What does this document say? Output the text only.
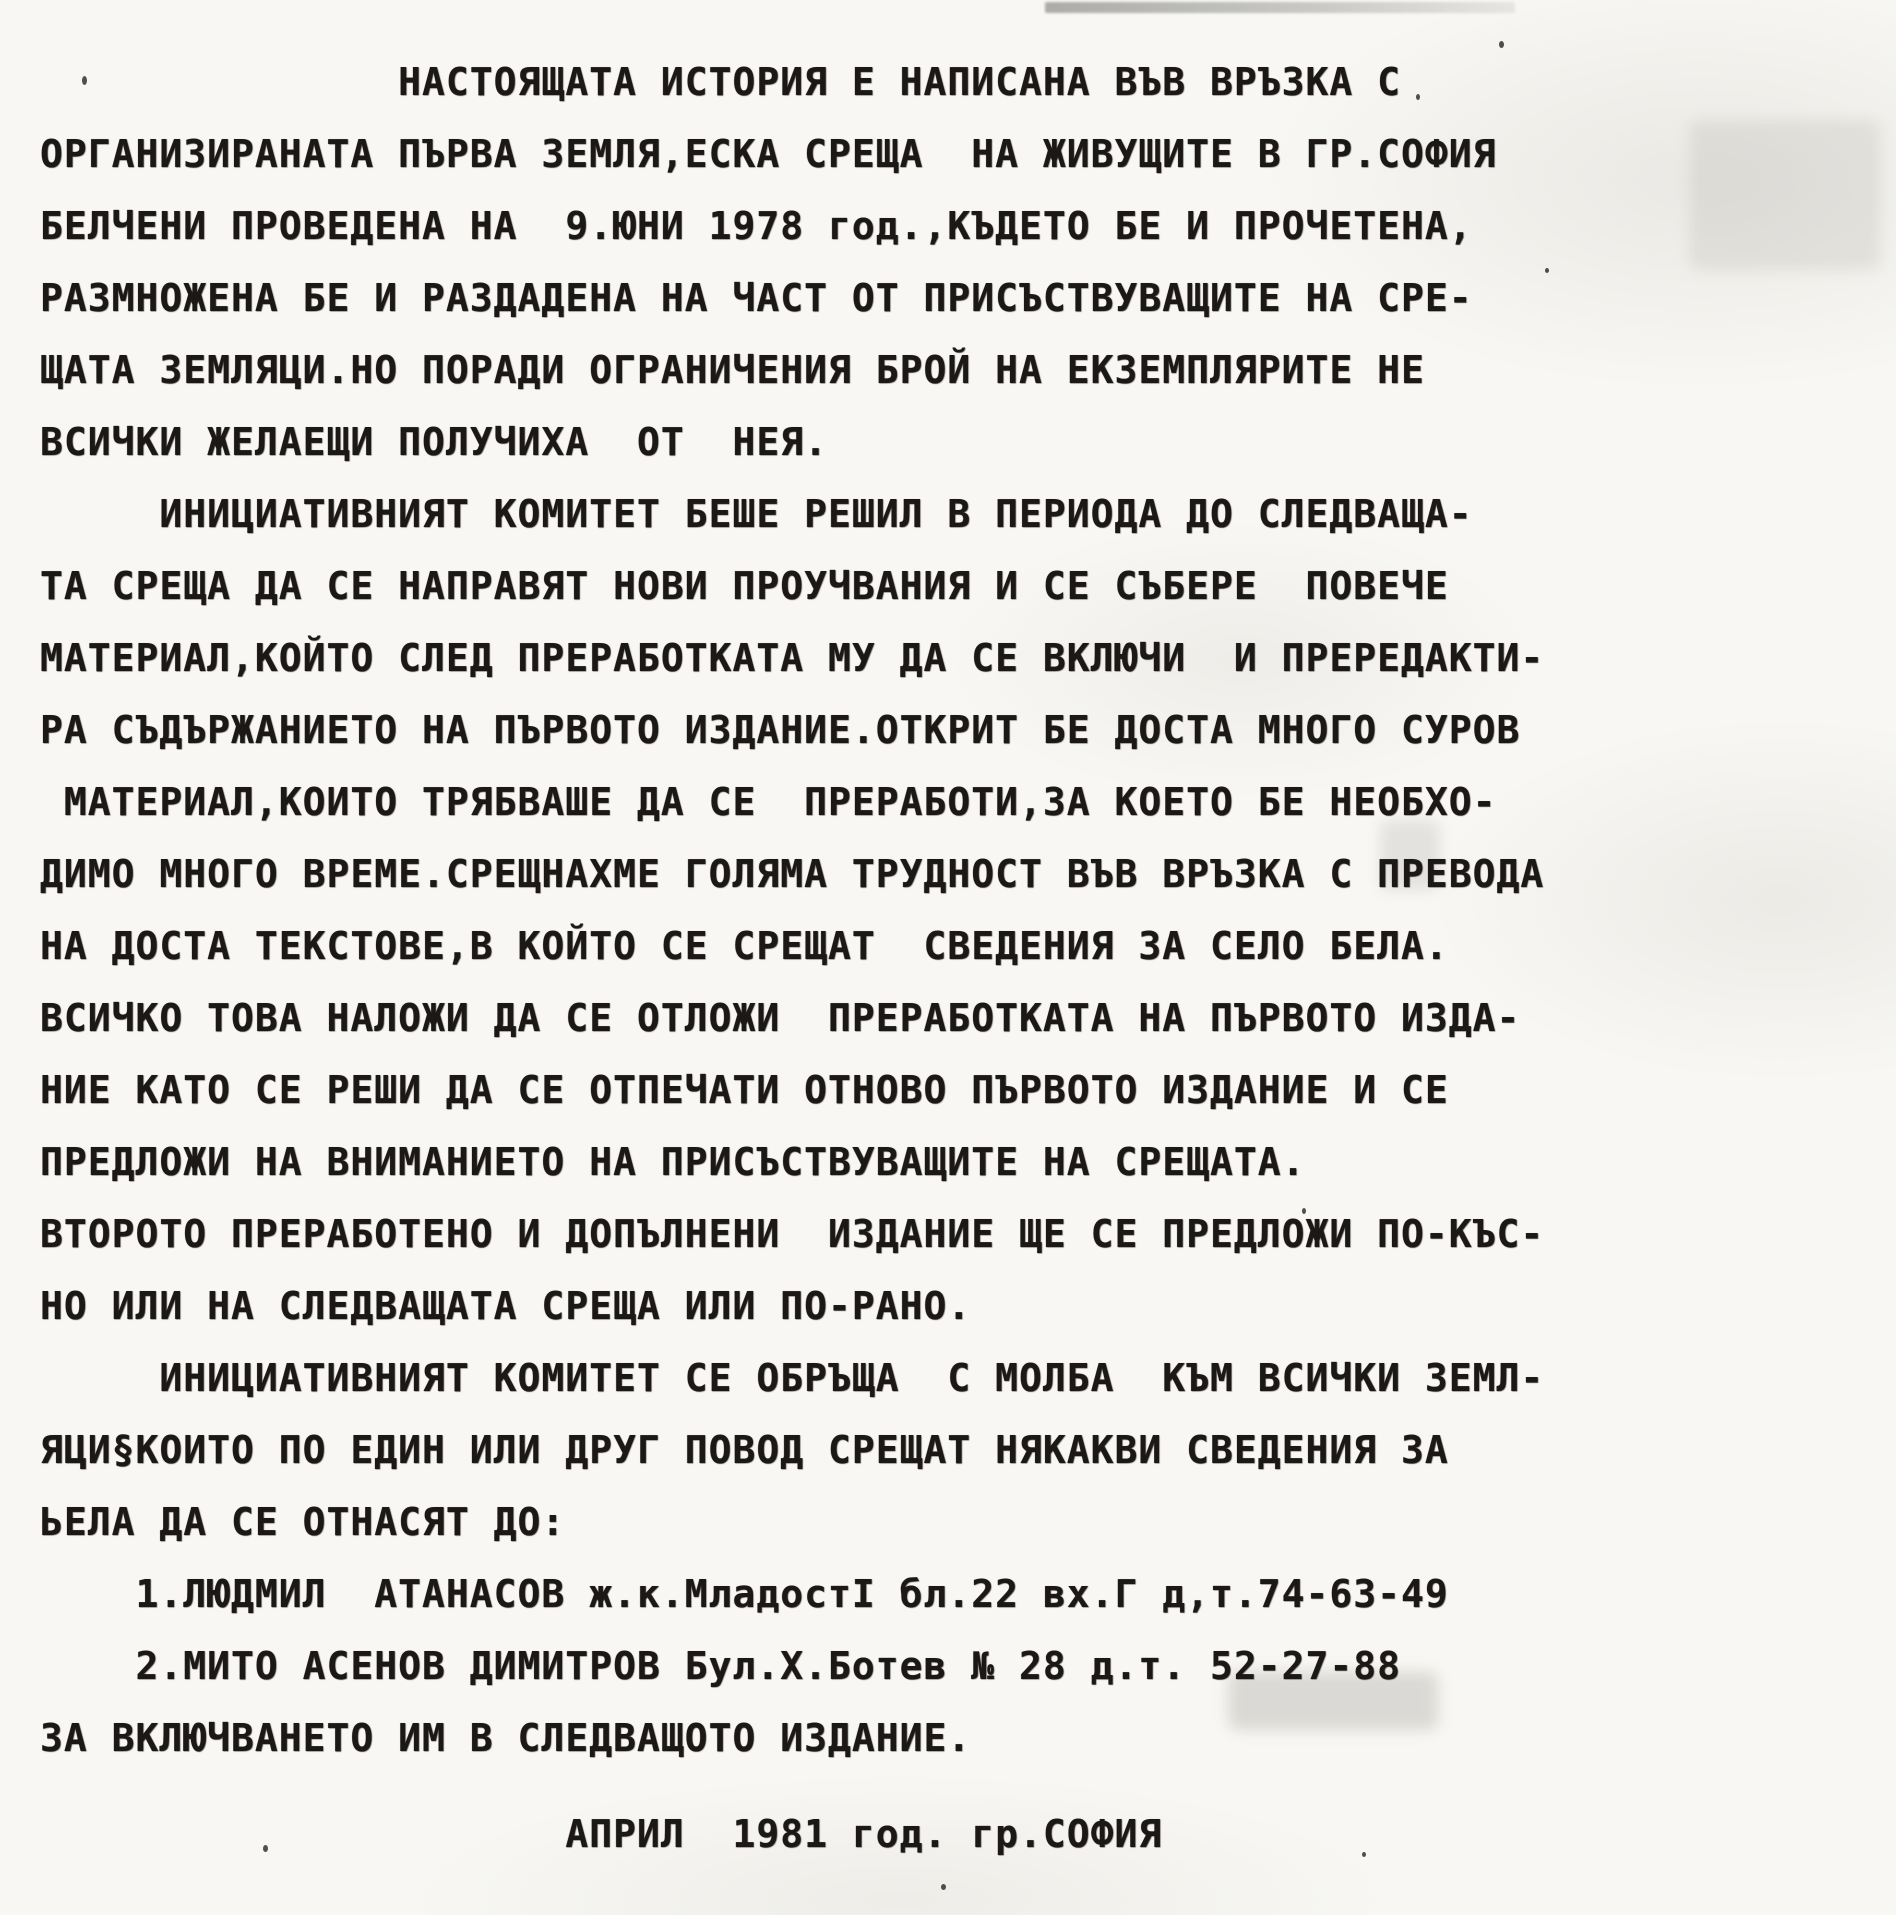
НАСТОЯЩАТА ИСТОРИЯ Е НАПИСАНА ВЪВ ВРЪЗКА С
ОРГАНИЗИРАНАТА ПЪРВА ЗЕМЛЯ,ЕСКА СРЕЩА  НА ЖИВУЩИТЕ В ГР.СОФИЯ
БЕЛЧЕНИ ПРОВЕДЕНА НА  9.ЮНИ 1978 год.,КЪДЕТО БЕ И ПРОЧЕТЕНА,
РАЗМНОЖЕНА БЕ И РАЗДАДЕНА НА ЧАСТ ОТ ПРИСЪСТВУВАЩИТЕ НА СРЕ-
ЩАТА ЗЕМЛЯЦИ.НО ПОРАДИ ОГРАНИЧЕНИЯ БРОЙ НА ЕКЗЕМПЛЯРИТЕ НЕ
ВСИЧКИ ЖЕЛАЕЩИ ПОЛУЧИХА  ОТ  НЕЯ.
ИНИЦИАТИВНИЯТ КОМИТЕТ БЕШЕ РЕШИЛ В ПЕРИОДА ДО СЛЕДВАЩА-
ТА СРЕЩА ДА СЕ НАПРАВЯТ НОВИ ПРОУЧВАНИЯ И СЕ СЪБЕРЕ  ПОВЕЧЕ
МАТЕРИАЛ,КОЙТО СЛЕД ПРЕРАБОТКАТА МУ ДА СЕ ВКЛЮЧИ  И ПРЕРЕДАКТИ-
РА СЪДЪРЖАНИЕТО НА ПЪРВОТО ИЗДАНИЕ.ОТКРИТ БЕ ДОСТА МНОГО СУРОВ
МАТЕРИАЛ,КОИТО ТРЯБВАШЕ ДА СЕ  ПРЕРАБОТИ,ЗА КОЕТО БЕ НЕОБХО-
ДИМО МНОГО ВРЕМЕ.СРЕЩНАХМЕ ГОЛЯМА ТРУДНОСТ ВЪВ ВРЪЗКА С ПРЕВОДА
НА ДОСТА ТЕКСТОВЕ,В КОЙТО СЕ СРЕЩАТ  СВЕДЕНИЯ ЗА СЕЛО БЕЛА.
ВСИЧКО ТОВА НАЛОЖИ ДА СЕ ОТЛОЖИ  ПРЕРАБОТКАТА НА ПЪРВОТО ИЗДА-
НИЕ КАТО СЕ РЕШИ ДА СЕ ОТПЕЧАТИ ОТНОВО ПЪРВОТО ИЗДАНИЕ И СЕ
ПРЕДЛОЖИ НА ВНИМАНИЕТО НА ПРИСЪСТВУВАЩИТЕ НА СРЕЩАТА.
ВТОРОТО ПРЕРАБОТЕНО И ДОПЪЛНЕНИ  ИЗДАНИЕ ЩЕ СЕ ПРЕДЛОЖИ ПО-КЪС-
НО ИЛИ НА СЛЕДВАЩАТА СРЕЩА ИЛИ ПО-РАНО.
ИНИЦИАТИВНИЯТ КОМИТЕТ СЕ ОБРЪЩА  С МОЛБА  КЪМ ВСИЧКИ ЗЕМЛ-
ЯЦИ§КОИТО ПО ЕДИН ИЛИ ДРУГ ПОВОД СРЕЩАТ НЯКАКВИ СВЕДЕНИЯ ЗА
ЬЕЛА ДА СЕ ОТНАСЯТ ДО:
1.ЛЮДМИЛ  АТАНАСОВ ж.к.МладостI бл.22 вх.Г д,т.74-63-49
2.МИТО АСЕНОВ ДИМИТРОВ Бул.Х.Ботев № 28 д.т. 52-27-88
ЗА ВКЛЮЧВАНЕТО ИМ В СЛЕДВАЩОТО ИЗДАНИЕ.
АПРИЛ  1981 год. гр.СОФИЯ
